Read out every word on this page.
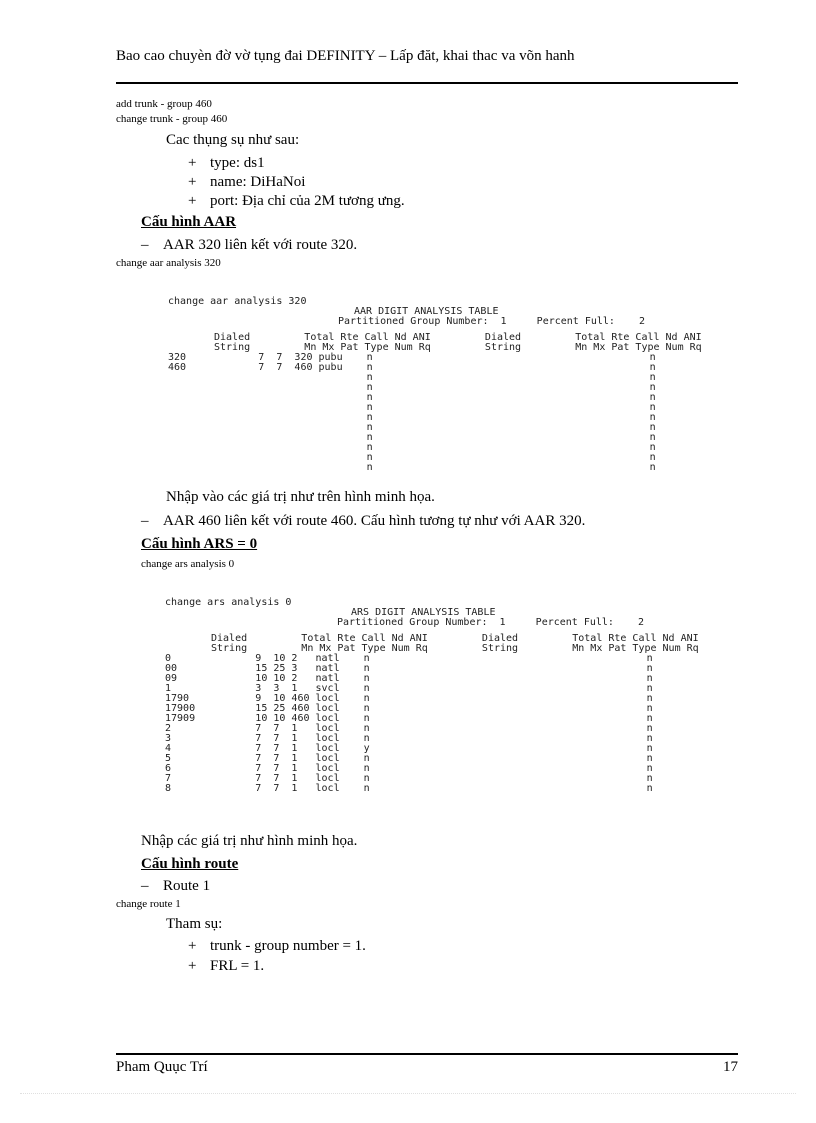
Bao cao chuyèn đờ vờ tụng đai DEFINITY – Lấp đăt, khai thac va võn hanh
add trunk - group 460
change trunk - group 460
Cac thụng sụ như sau:
+ type: ds1
+ name: DiHaNoi
+ port: Địa chỉ của 2M tương ưng.
Cấu hình AAR
– AAR 320 liên kết với route 320.
change aar analysis 320
change aar analysis 320
AAR DIGIT ANALYSIS TABLE
Partitioned Group Number:  1     Percent Full:    2
Dialed         Total Rte Call Nd ANI         Dialed         Total Rte Call Nd ANI
String         Mn Mx Pat Type Num Rq         String         Mn Mx Pat Type Num Rq
320            7  7  320 pubu    n                                              n
460            7  7  460 pubu    n                                              n
n                                              n
n                                              n
n                                              n
n                                              n
n                                              n
n                                              n
n                                              n
n                                              n
n                                              n
n                                              n
Nhập vào các giá trị như trên hình minh họa.
– AAR 460 liên kết với route 460. Cấu hình tương tự như với AAR 320.
Cấu hình ARS = 0
change ars analysis 0
change ars analysis 0
ARS DIGIT ANALYSIS TABLE
Partitioned Group Number:  1     Percent Full:    2
Dialed         Total Rte Call Nd ANI         Dialed         Total Rte Call Nd ANI
String         Mn Mx Pat Type Num Rq         String         Mn Mx Pat Type Num Rq
0              9  10 2   natl    n                                              n
00             15 25 3   natl    n                                              n
09             10 10 2   natl    n                                              n
1              3  3  1   svcl    n                                              n
1790           9  10 460 locl    n                                              n
17900          15 25 460 locl    n                                              n
17909          10 10 460 locl    n                                              n
2              7  7  1   locl    n                                              n
3              7  7  1   locl    n                                              n
4              7  7  1   locl    y                                              n
5              7  7  1   locl    n                                              n
6              7  7  1   locl    n                                              n
7              7  7  1   locl    n                                              n
8              7  7  1   locl    n                                              n
Nhập các giá trị như hình minh họa.
Cấu hình route
– Route 1
change route 1
Tham sụ:
+ trunk - group number = 1.
+ FRL = 1.
Pham Quục Trí	17
